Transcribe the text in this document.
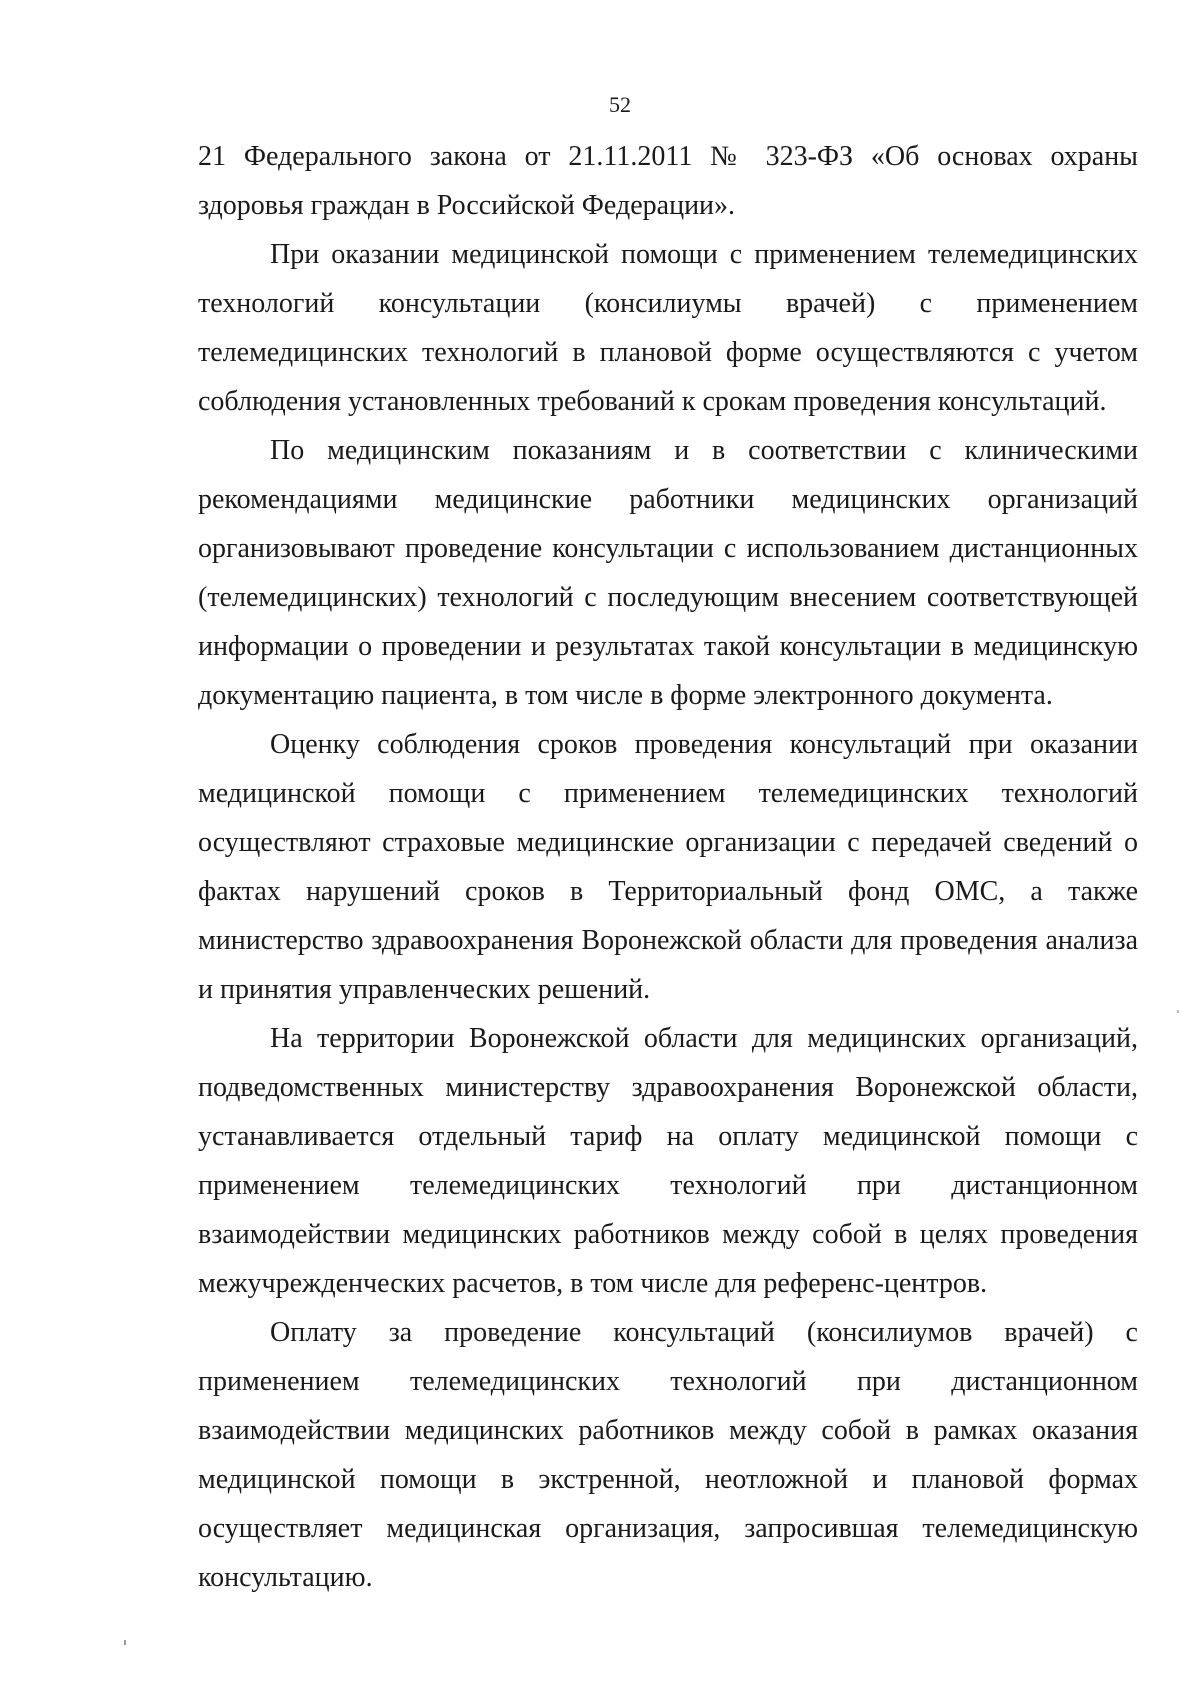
52

21 Федерального закона от 21.11.2011 № 323-ФЗ «Об основах охраны здоровья граждан в Российской Федерации».

При оказании медицинской помощи с применением телемедицинских технологий консультации (консилиумы врачей) с применением телемедицинских технологий в плановой форме осуществляются с учетом соблюдения установленных требований к срокам проведения консультаций.

По медицинским показаниям и в соответствии с клиническими рекомендациями медицинские работники медицинских организаций организовывают проведение консультации с использованием дистанционных (телемедицинских) технологий с последующим внесением соответствующей информации о проведении и результатах такой консультации в медицинскую документацию пациента, в том числе в форме электронного документа.

Оценку соблюдения сроков проведения консультаций при оказании медицинской помощи с применением телемедицинских технологий осуществляют страховые медицинские организации с передачей сведений о фактах нарушений сроков в Территориальный фонд ОМС, а также министерство здравоохранения Воронежской области для проведения анализа и принятия управленческих решений.

На территории Воронежской области для медицинских организаций, подведомственных министерству здравоохранения Воронежской области, устанавливается отдельный тариф на оплату медицинской помощи с применением телемедицинских технологий при дистанционном взаимодействии медицинских работников между собой в целях проведения межучрежденческих расчетов, в том числе для референс-центров.

Оплату за проведение консультаций (консилиумов врачей) с применением телемедицинских технологий при дистанционном взаимодействии медицинских работников между собой в рамках оказания медицинской помощи в экстренной, неотложной и плановой формах осуществляет медицинская организация, запросившая телемедицинскую консультацию.
